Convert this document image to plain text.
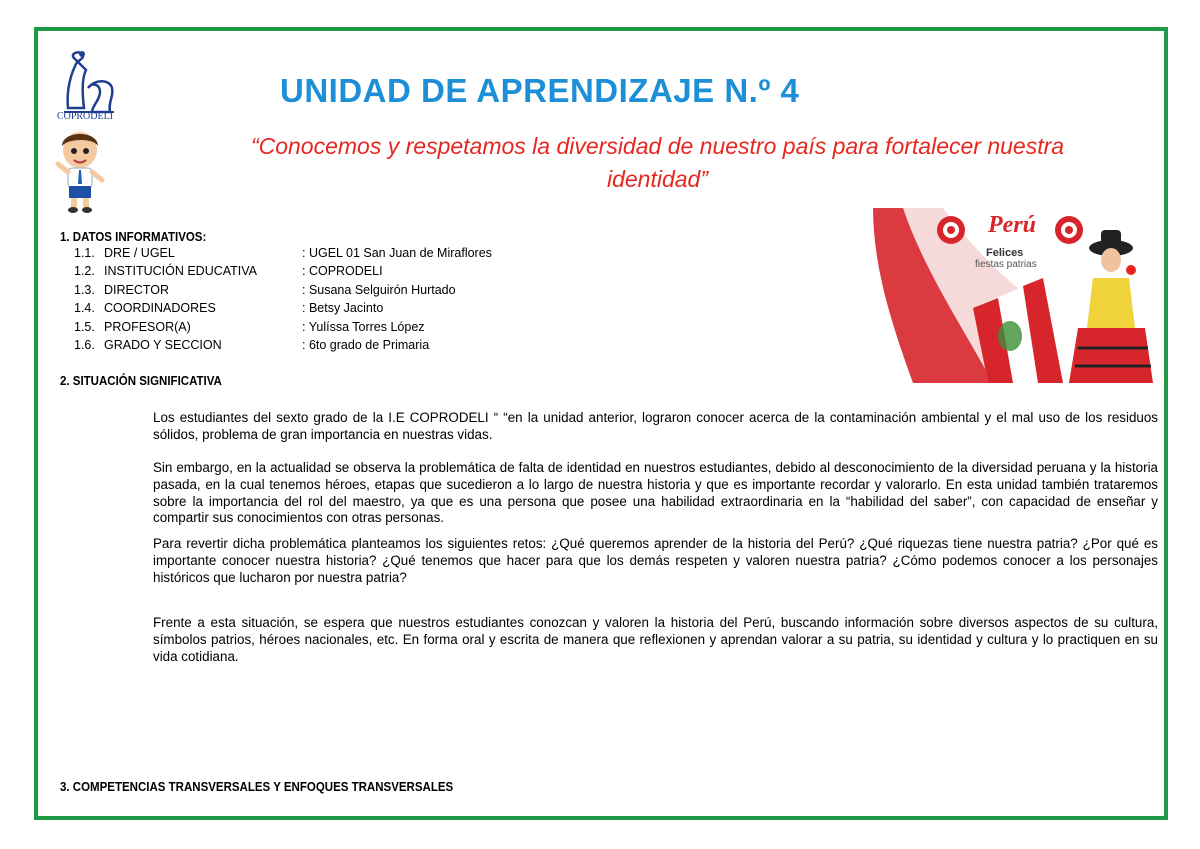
COPRODELI
UNIDAD DE APRENDIZAJE N.º 4
“Conocemos y respetamos la diversidad de nuestro país para fortalecer nuestra identidad”
Perú
Felices
fiestas patrias
1. DATOS INFORMATIVOS:
1.1. DRE / UGEL	: UGEL 01 San Juan de Miraflores
1.2. INSTITUCIÓN EDUCATIVA	: COPRODELI
1.3. DIRECTOR	: Susana Selguirón Hurtado
1.4. COORDINADORES	: Betsy Jacinto
1.5. PROFESOR(A)	: Yulíssa Torres López
1.6. GRADO Y SECCION	: 6to grado de Primaria
2. SITUACIÓN SIGNIFICATIVA
Los estudiantes del sexto grado de la I.E COPRODELI “ “en la unidad anterior, lograron conocer acerca de la contaminación ambiental y el mal uso de los residuos sólidos, problema de gran importancia en nuestras vidas.
Sin embargo, en la actualidad se observa la problemática de falta de identidad en nuestros estudiantes, debido al desconocimiento de la diversidad peruana y la historia pasada, en la cual tenemos héroes, etapas que sucedieron a lo largo de nuestra historia y que es importante recordar y valorarlo. En esta unidad también trataremos sobre la importancia del rol del maestro, ya que es una persona que posee una habilidad extraordinaria en la “habilidad del saber”, con capacidad de enseñar y compartir sus conocimientos con otras personas.
Para revertir dicha problemática planteamos los siguientes retos: ¿Qué queremos aprender de la historia del Perú? ¿Qué riquezas tiene nuestra patria? ¿Por qué es importante conocer nuestra historia? ¿Qué tenemos que hacer para que los demás respeten y valoren nuestra patria? ¿Cómo podemos conocer a los personajes históricos que lucharon por nuestra patria?
Frente a esta situación, se espera que nuestros estudiantes conozcan y valoren la historia del Perú, buscando información sobre diversos aspectos de su cultura, símbolos patrios, héroes nacionales, etc. En forma oral y escrita de manera que reflexionen y aprendan valorar a su patria, su identidad y cultura y lo practiquen en su vida cotidiana.
3. COMPETENCIAS TRANSVERSALES Y ENFOQUES TRANSVERSALES
